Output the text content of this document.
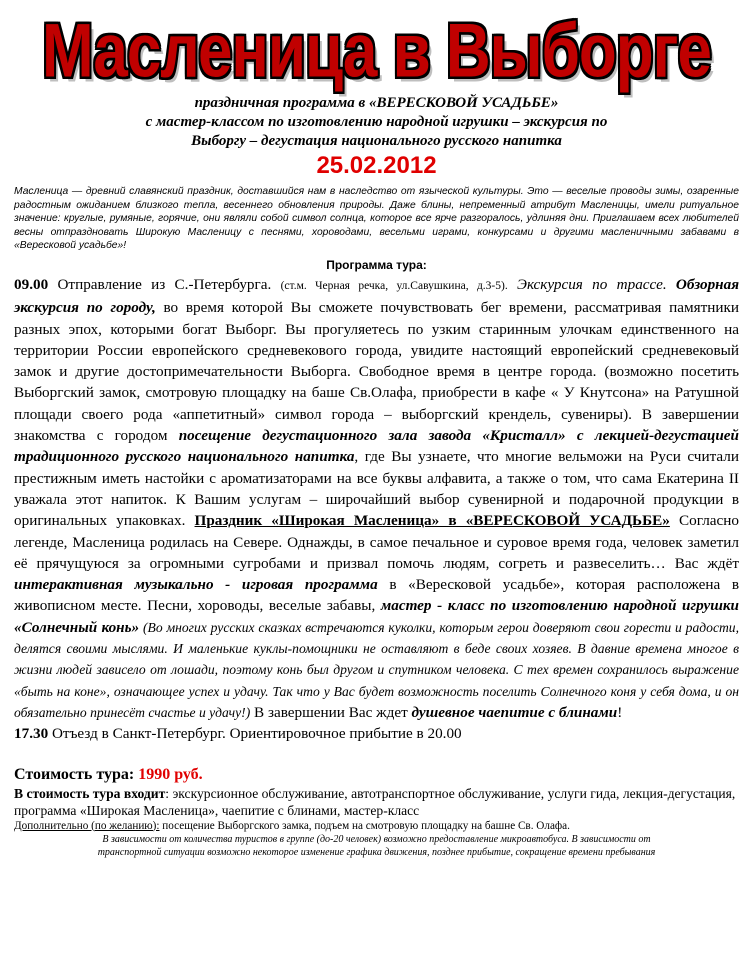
Масленица в Выборге
праздничная программа в «ВЕРЕСКОВОЙ УСАДЬБЕ»
с мастер-классом по изготовлению народной игрушки – экскурсия по
Выборгу – дегустация национального русского напитка
25.02.2012
Масленица — древний славянский праздник, доставшийся нам в наследство от языческой культуры. Это — веселые проводы зимы, озаренные радостным ожиданием близкого тепла, весеннего обновления природы. Даже блины, непременный атрибут Масленицы, имели ритуальное значение: круглые, румяные, горячие, они являли собой символ солнца, которое все ярче разгоралось, удлиняя дни. Приглашаем всех любителей весны отпраздновать Широкую Масленицу с песнями, хороводами, весельми играми, конкурсами и другими масленичными забавами в «Вересковой усадьбе»!
Программа тура:
09.00 Отправление из С.-Петербурга. (ст.м. Черная речка, ул.Савушкина, д.3-5). Экскурсия по трассе. Обзорная экскурсия по городу, во время которой Вы сможете почувствовать бег времени, рассматривая памятники разных эпох, которыми богат Выборг. Вы прогуляетесь по узким старинным улочкам единственного на территории России европейского средневекового города, увидите настоящий европейский средневековый замок и другие достопримечательности Выборга. Свободное время в центре города. (возможно посетить Выборгский замок, смотровую площадку на баше Св.Олафа, приобрести в кафе « У Кнутсона» на Ратушной площади своего рода «аппетитный» символ города – выборгский крендель, сувениры). В завершении знакомства с городом посещение дегустационного зала завода «Кристалл» с лекцией-дегустацией традиционного русского национального напитка, где Вы узнаете, что многие вельможи на Руси считали престижным иметь настойки с ароматизаторами на все буквы алфавита, а также о том, что сама Екатерина II уважала этот напиток. К Вашим услугам – широчайший выбор сувенирной и подарочной продукции в оригинальных упаковках. Праздник «Широкая Масленица» в «ВЕРЕСКОВОЙ УСАДЬБЕ» Согласно легенде, Масленица родилась на Севере. Однажды, в самое печальное и суровое время года, человек заметил её прячущуюся за огромными сугробами и призвал помочь людям, согреть и развеселить… Вас ждёт интерактивная музыкально - игровая программа в «Вересковой усадьбе», которая расположена в живописном месте. Песни, хороводы, веселые забавы, мастер - класс по изготовлению народной игрушки «Солнечный конь» (Во многих русских сказках встречаются куколки, которым герои доверяют свои горести и радости, делятся своими мыслями. И маленькие куклы-помощники не оставляют в беде своих хозяев. В давние времена многое в жизни людей зависело от лошади, поэтому конь был другом и спутником человека. С тех времен сохранилось выражение «быть на коне», означающее успех и удачу. Так что у Вас будет возможность поселить Солнечного коня у себя дома, и он обязательно принесёт счастье и удачу!) В завершении Вас ждет душевное чаепитие с блинами!
17.30 Отъезд в Санкт-Петербург. Ориентировочное прибытие в 20.00
Стоимость тура: 1990 руб.
В стоимость тура входит: экскурсионное обслуживание, автотранспортное обслуживание, услуги гида, лекция-дегустация, программа «Широкая Масленица», чаепитие с блинами, мастер-класс
Дополнительно (по желанию): посещение Выборгского замка, подъем на смотровую площадку на башне Св. Олафа.
В зависимости от количества туристов в группе (до-20 человек) возможно предоставление микроавтобуса. В зависимости от
транспортной ситуации возможно некоторое изменение графика движения, позднее прибытие, сокращение времени пребывания
